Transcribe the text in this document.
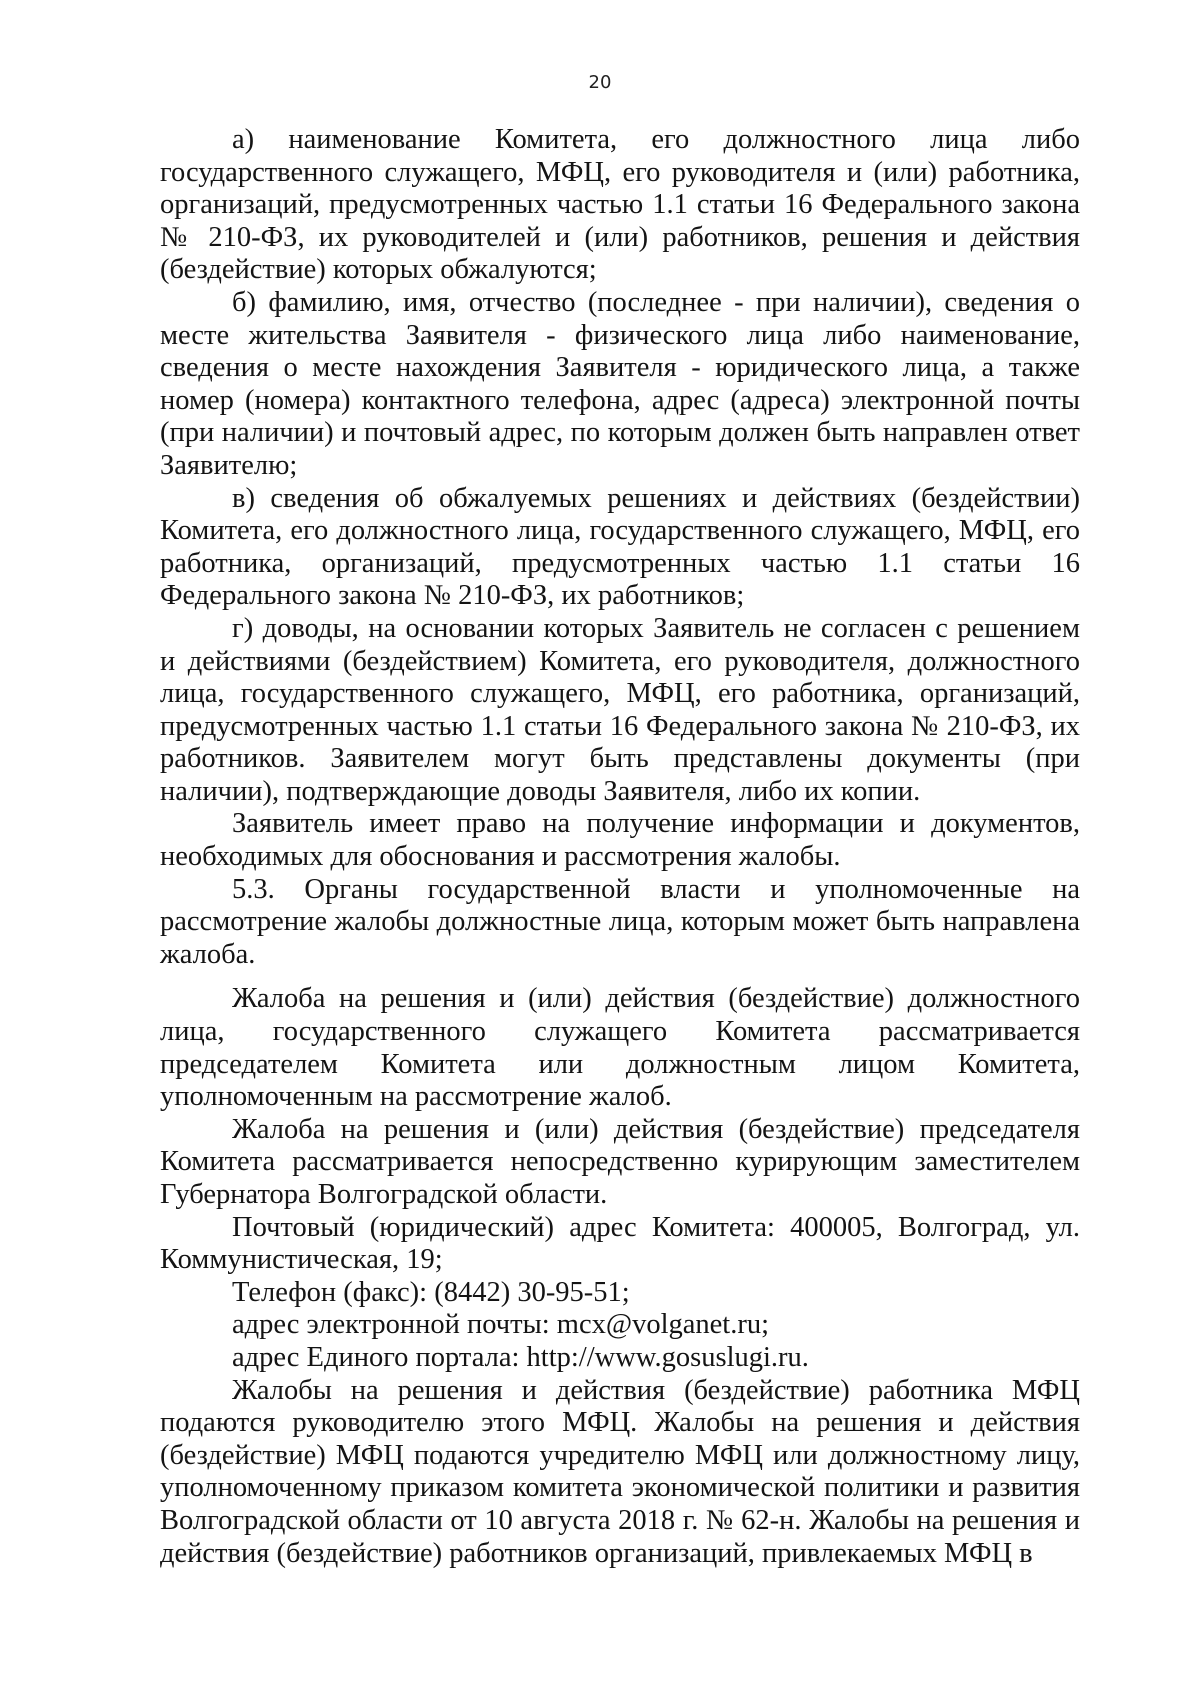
20

а) наименование Комитета, его должностного лица либо государственного служащего, МФЦ, его руководителя и (или) работника, организаций, предусмотренных частью 1.1 статьи 16 Федерального закона № 210-ФЗ, их руководителей и (или) работников, решения и действия (бездействие) которых обжалуются;

б) фамилию, имя, отчество (последнее - при наличии), сведения о месте жительства Заявителя - физического лица либо наименование, сведения о месте нахождения Заявителя - юридического лица, а также номер (номера) контактного телефона, адрес (адреса) электронной почты (при наличии) и почтовый адрес, по которым должен быть направлен ответ Заявителю;

в) сведения об обжалуемых решениях и действиях (бездействии) Комитета, его должностного лица, государственного служащего, МФЦ, его работника, организаций, предусмотренных частью 1.1 статьи 16 Федерального закона № 210-ФЗ, их работников;

г) доводы, на основании которых Заявитель не согласен с решением и действиями (бездействием) Комитета, его руководителя, должностного лица, государственного служащего, МФЦ, его работника, организаций, предусмотренных частью 1.1 статьи 16 Федерального закона № 210-ФЗ, их работников. Заявителем могут быть представлены документы (при наличии), подтверждающие доводы Заявителя, либо их копии.

Заявитель имеет право на получение информации и документов, необходимых для обоснования и рассмотрения жалобы.

5.3. Органы государственной власти и уполномоченные на рассмотрение жалобы должностные лица, которым может быть направлена жалоба.

Жалоба на решения и (или) действия (бездействие) должностного лица, государственного служащего Комитета рассматривается председателем Комитета или должностным лицом Комитета, уполномоченным на рассмотрение жалоб.

Жалоба на решения и (или) действия (бездействие) председателя Комитета рассматривается непосредственно курирующим заместителем Губернатора Волгоградской области.

Почтовый (юридический) адрес Комитета: 400005, Волгоград, ул. Коммунистическая, 19;

Телефон (факс): (8442) 30-95-51;

адрес электронной почты: mcx@volganet.ru;

адрес Единого портала: http://www.gosuslugi.ru.

Жалобы на решения и действия (бездействие) работника МФЦ подаются руководителю этого МФЦ. Жалобы на решения и действия (бездействие) МФЦ подаются учредителю МФЦ или должностному лицу, уполномоченному приказом комитета экономической политики и развития Волгоградской области от 10 августа 2018 г. № 62-н. Жалобы на решения и действия (бездействие) работников организаций, привлекаемых МФЦ в
